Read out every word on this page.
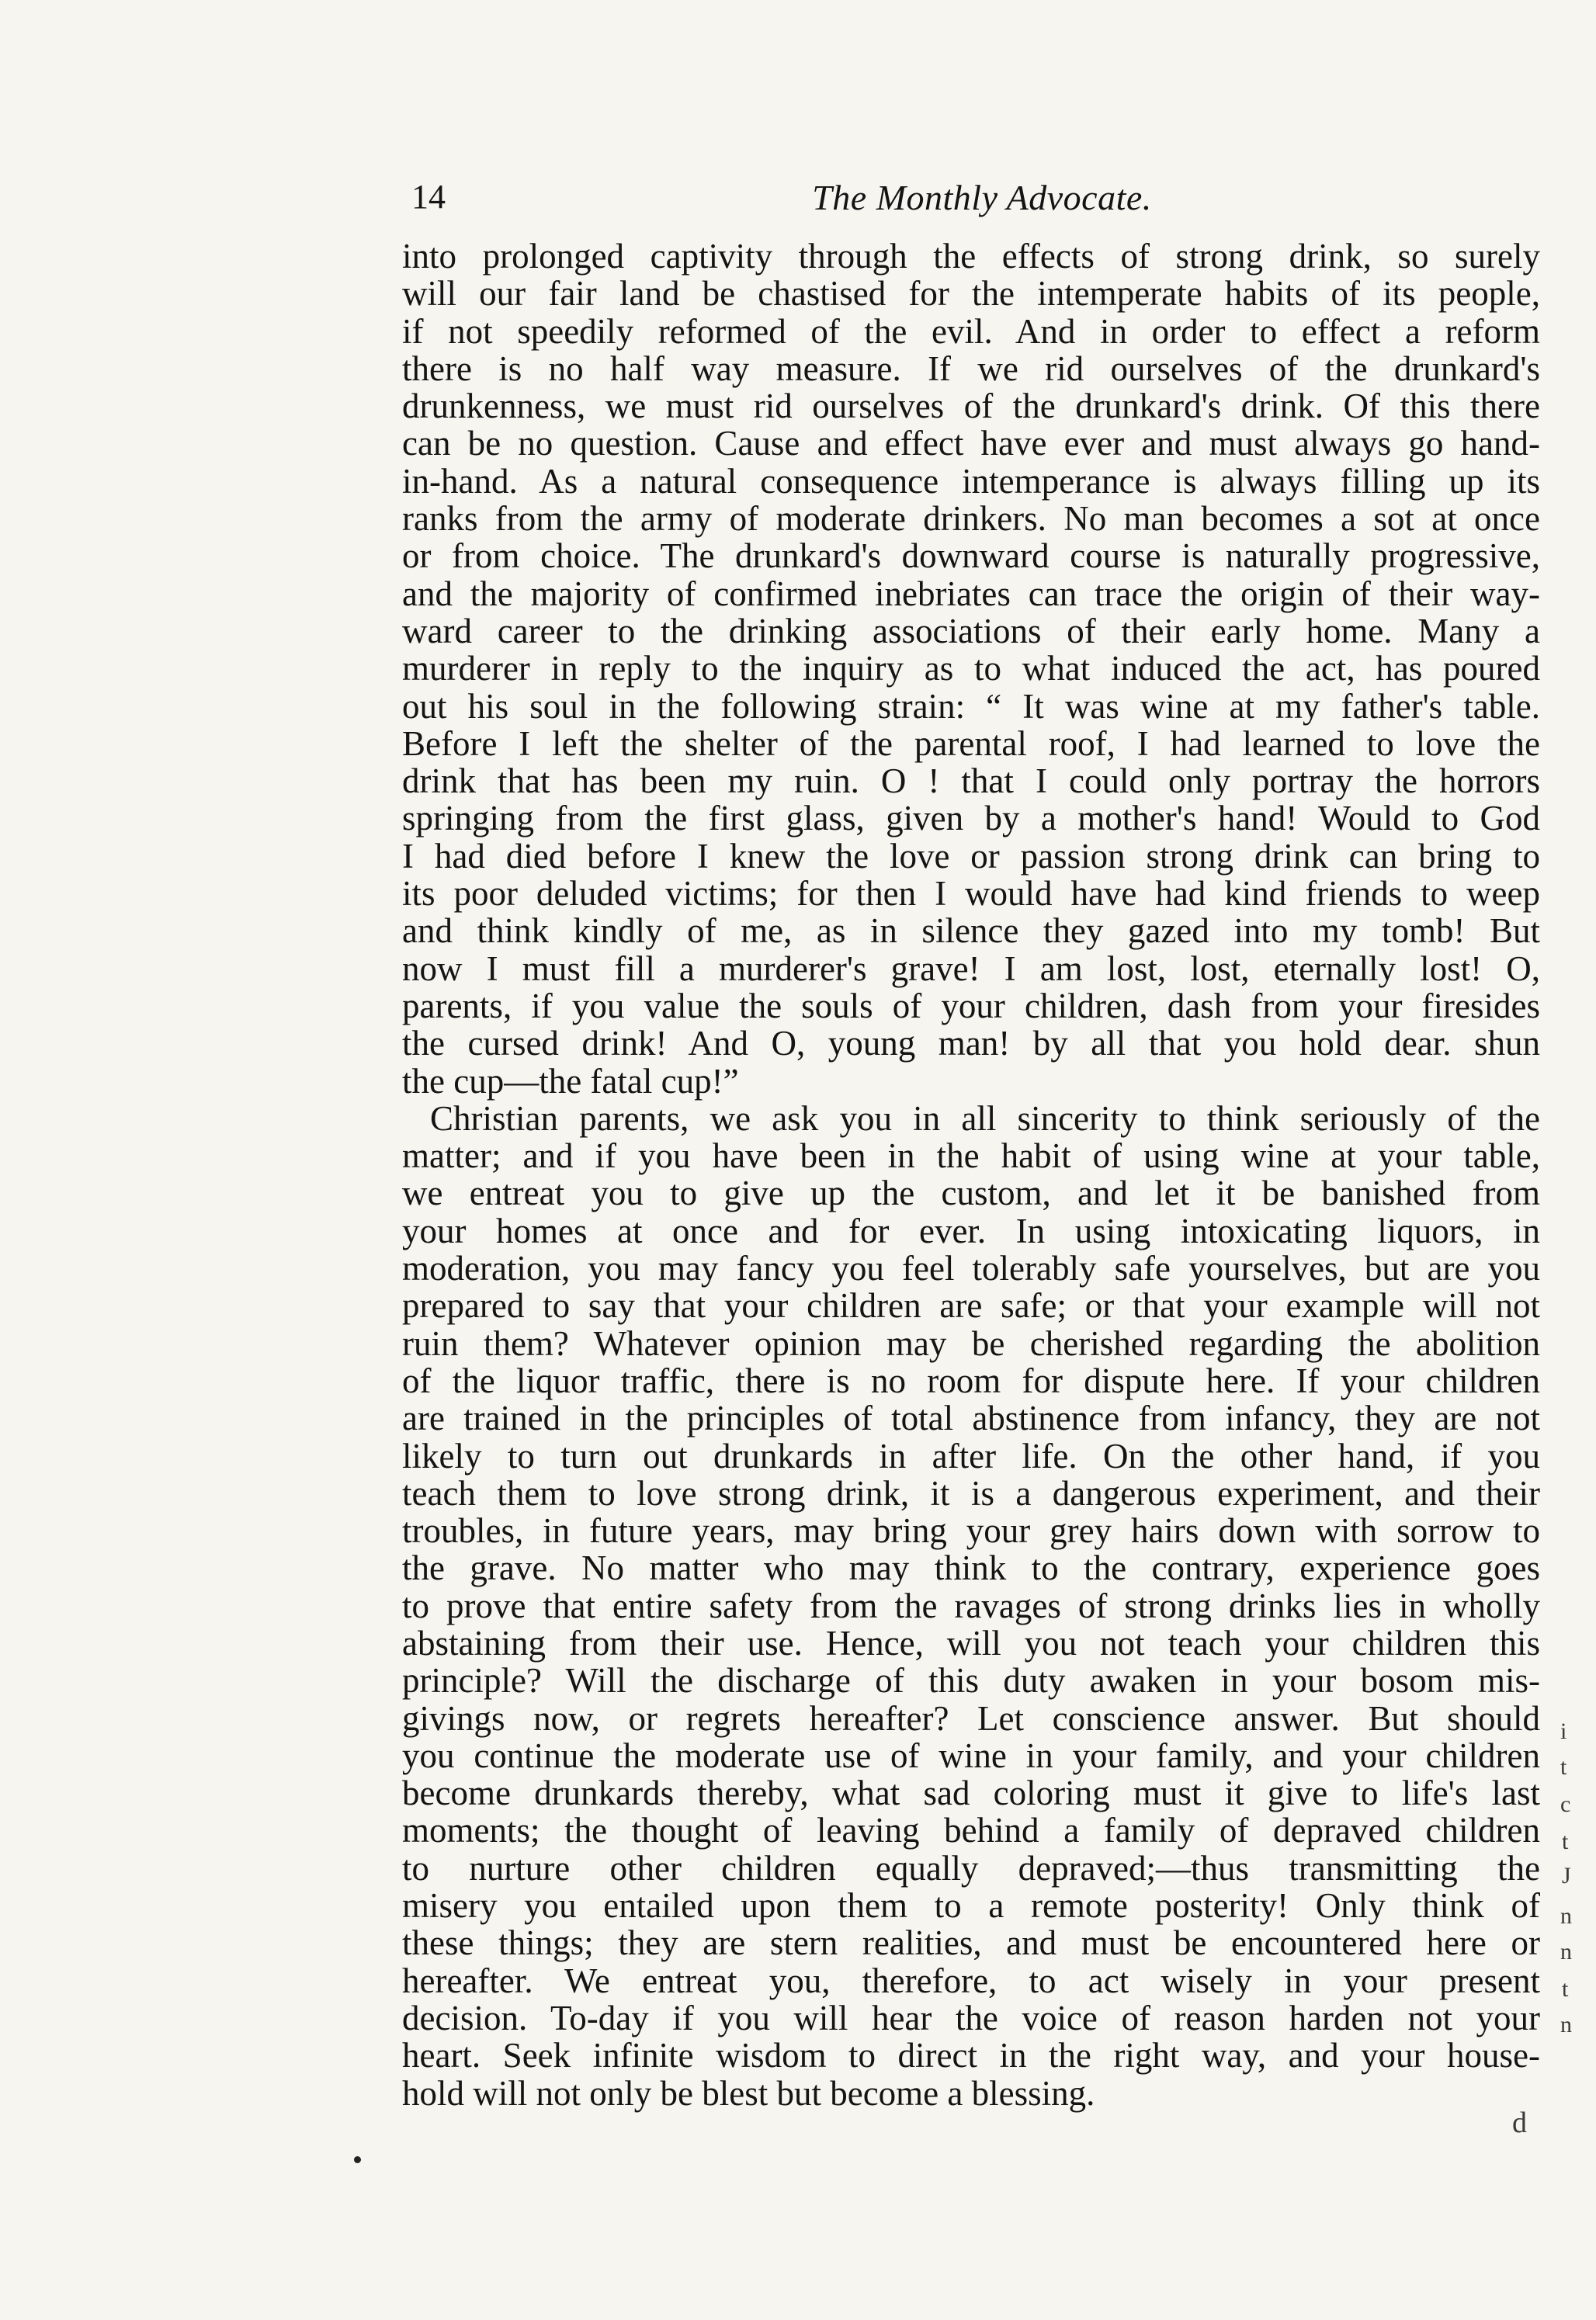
14	The Monthly Advocate.
into prolonged captivity through the effects of strong drink, so surely
will our fair land be chastised for the intemperate habits of its people,
if not speedily reformed of the evil. And in order to effect a reform
there is no half way measure. If we rid ourselves of the drunkard's
drunkenness, we must rid ourselves of the drunkard's drink. Of this there
can be no question. Cause and effect have ever and must always go hand-
in-hand. As a natural consequence intemperance is always filling up its
ranks from the army of moderate drinkers. No man becomes a sot at once
or from choice. The drunkard's downward course is naturally progressive,
and the majority of confirmed inebriates can trace the origin of their way-
ward career to the drinking associations of their early home. Many a
murderer in reply to the inquiry as to what induced the act, has poured
out his soul in the following strain: “ It was wine at my father's table.
Before I left the shelter of the parental roof, I had learned to love the
drink that has been my ruin. O ! that I could only portray the horrors
springing from the first glass, given by a mother's hand! Would to God
I had died before I knew the love or passion strong drink can bring to
its poor deluded victims; for then I would have had kind friends to weep
and think kindly of me, as in silence they gazed into my tomb! But
now I must fill a murderer's grave! I am lost, lost, eternally lost! O,
parents, if you value the souls of your children, dash from your firesides
the cursed drink! And O, young man! by all that you hold dear. shun
the cup—the fatal cup!”
Christian parents, we ask you in all sincerity to think seriously of the
matter; and if you have been in the habit of using wine at your table,
we entreat you to give up the custom, and let it be banished from
your homes at once and for ever. In using intoxicating liquors, in
moderation, you may fancy you feel tolerably safe yourselves, but are you
prepared to say that your children are safe; or that your example will not
ruin them? Whatever opinion may be cherished regarding the abolition
of the liquor traffic, there is no room for dispute here. If your children
are trained in the principles of total abstinence from infancy, they are not
likely to turn out drunkards in after life. On the other hand, if you
teach them to love strong drink, it is a dangerous experiment, and their
troubles, in future years, may bring your grey hairs down with sorrow to
the grave. No matter who may think to the contrary, experience goes
to prove that entire safety from the ravages of strong drinks lies in wholly
abstaining from their use. Hence, will you not teach your children this
principle? Will the discharge of this duty awaken in your bosom mis-
givings now, or regrets hereafter? Let conscience answer. But should
you continue the moderate use of wine in your family, and your children
become drunkards thereby, what sad coloring must it give to life's last
moments; the thought of leaving behind a family of depraved children
to nurture other children equally depraved;—thus transmitting the
misery you entailed upon them to a remote posterity! Only think of
these things; they are stern realities, and must be encountered here or
hereafter. We entreat you, therefore, to act wisely in your present
decision. To-day if you will hear the voice of reason harden not your
heart. Seek infinite wisdom to direct in the right way, and your house-
hold will not only be blest but become a blessing.
i
t
c
t
J
n
n
t
n
d
